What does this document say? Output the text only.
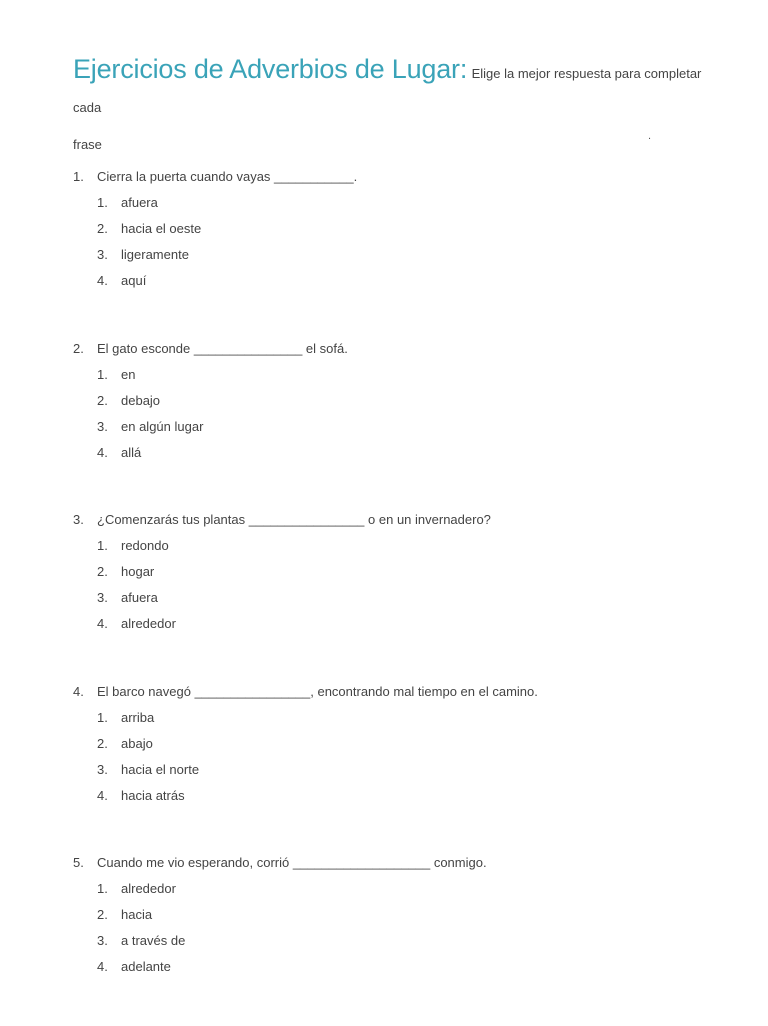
Ejercicios de Adverbios de Lugar: Elige la mejor respuesta para completar cada
frase
.
1. Cierra la puerta cuando vayas ___________.
1. afuera
2. hacia el oeste
3. ligeramente
4. aquí
2. El gato esconde _______________ el sofá.
1. en
2. debajo
3. en algún lugar
4. allá
3. ¿Comenzarás tus plantas ________________ o en un invernadero?
1. redondo
2. hogar
3. afuera
4. alrededor
4. El barco navegó ________________, encontrando mal tiempo en el camino.
1. arriba
2. abajo
3. hacia el norte
4. hacia atrás
5. Cuando me vio esperando, corrió ___________________ conmigo.
1. alrededor
2. hacia
3. a través de
4. adelante
